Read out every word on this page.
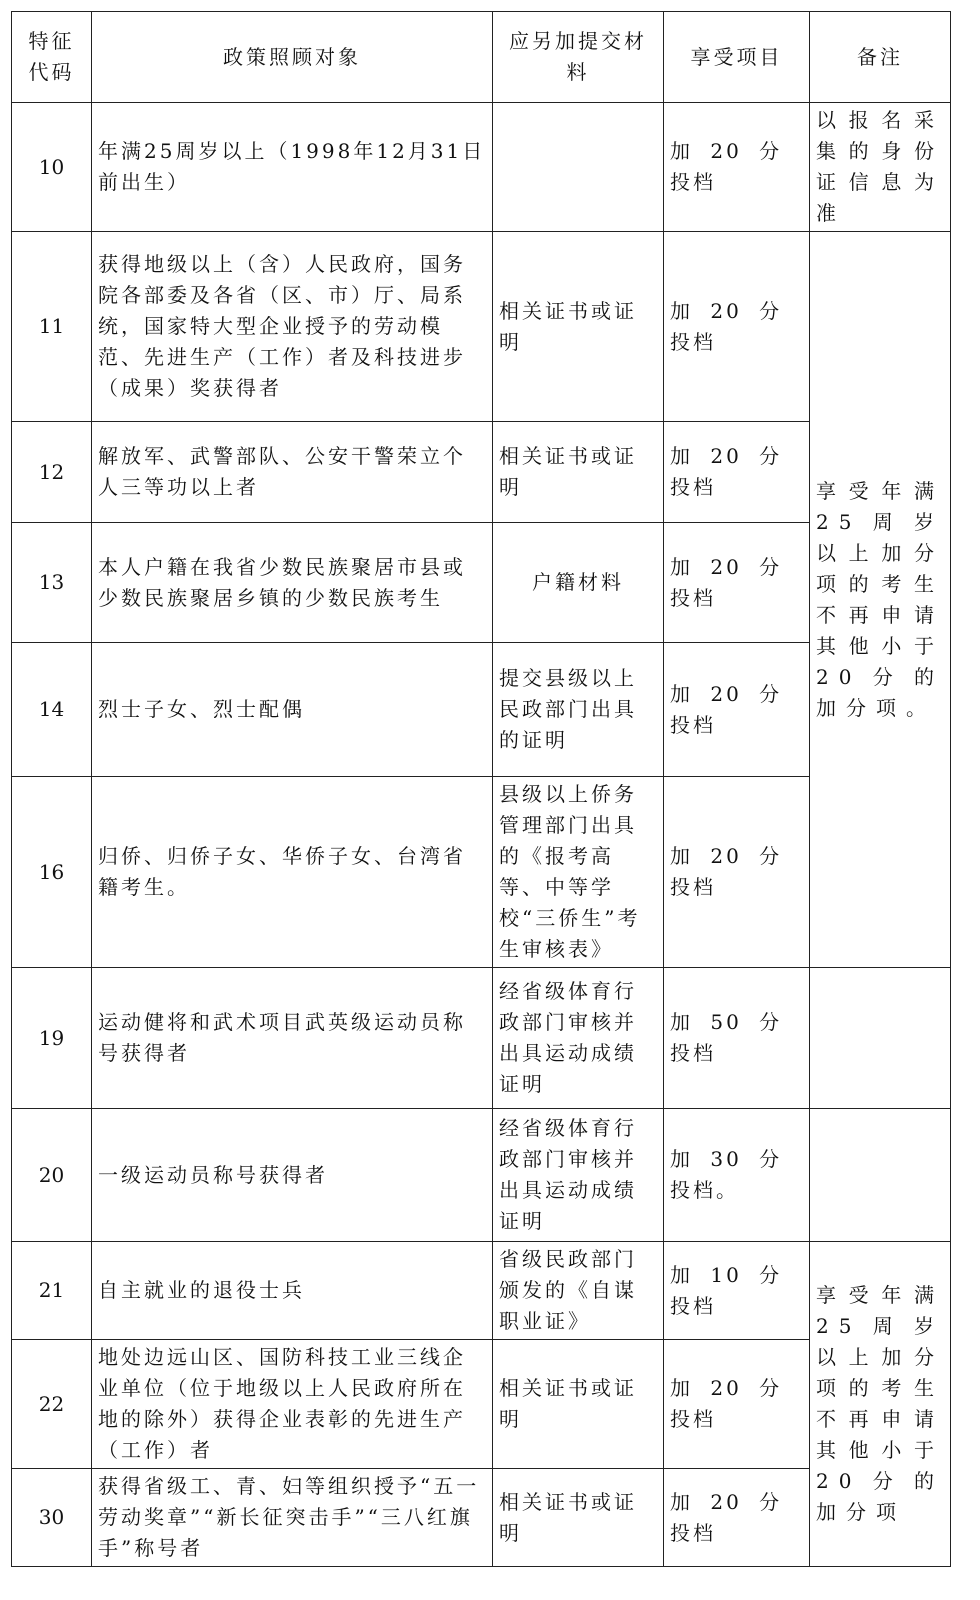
特征代码	政策照顾对象	应另加提交材料	享受项目	备注
10	年满25周岁以上（1998年12月31日前出生）		加 20 分投档	以报名采集的身份证信息为准
11	获得地级以上（含）人民政府，国务院各部委及各省（区、市）厅、局系统，国家特大型企业授予的劳动模范、先进生产（工作）者及科技进步（成果）奖获得者	相关证书或证明	加 20 分投档	享受年满25周岁以上加分项的考生不再申请其他小于20分的加分项。
12	解放军、武警部队、公安干警荣立个人三等功以上者	相关证书或证明	加 20 分投档	
13	本人户籍在我省少数民族聚居市县或少数民族聚居乡镇的少数民族考生	户籍材料	加 20 分投档	
14	烈士子女、烈士配偶	提交县级以上民政部门出具的证明	加 20 分投档	
16	归侨、归侨子女、华侨子女、台湾省籍考生。	县级以上侨务管理部门出具的《报考高等、中等学校“三侨生”考生审核表》	加 20 分投档	
19	运动健将和武术项目武英级运动员称号获得者	经省级体育行政部门审核并出具运动成绩证明	加 50 分投档	
20	一级运动员称号获得者	经省级体育行政部门审核并出具运动成绩证明	加 30 分投档。	
21	自主就业的退役士兵	省级民政部门颁发的《自谋职业证》	加 10 分投档	享受年满25周岁以上加分项的考生不再申请其他小于20分的加分项
22	地处边远山区、国防科技工业三线企业单位（位于地级以上人民政府所在地的除外）获得企业表彰的先进生产（工作）者	相关证书或证明	加 20 分投档	
30	获得省级工、青、妇等组织授予“五一劳动奖章”“新长征突击手”“三八红旗手”称号者	相关证书或证明	加 20 分投档	
